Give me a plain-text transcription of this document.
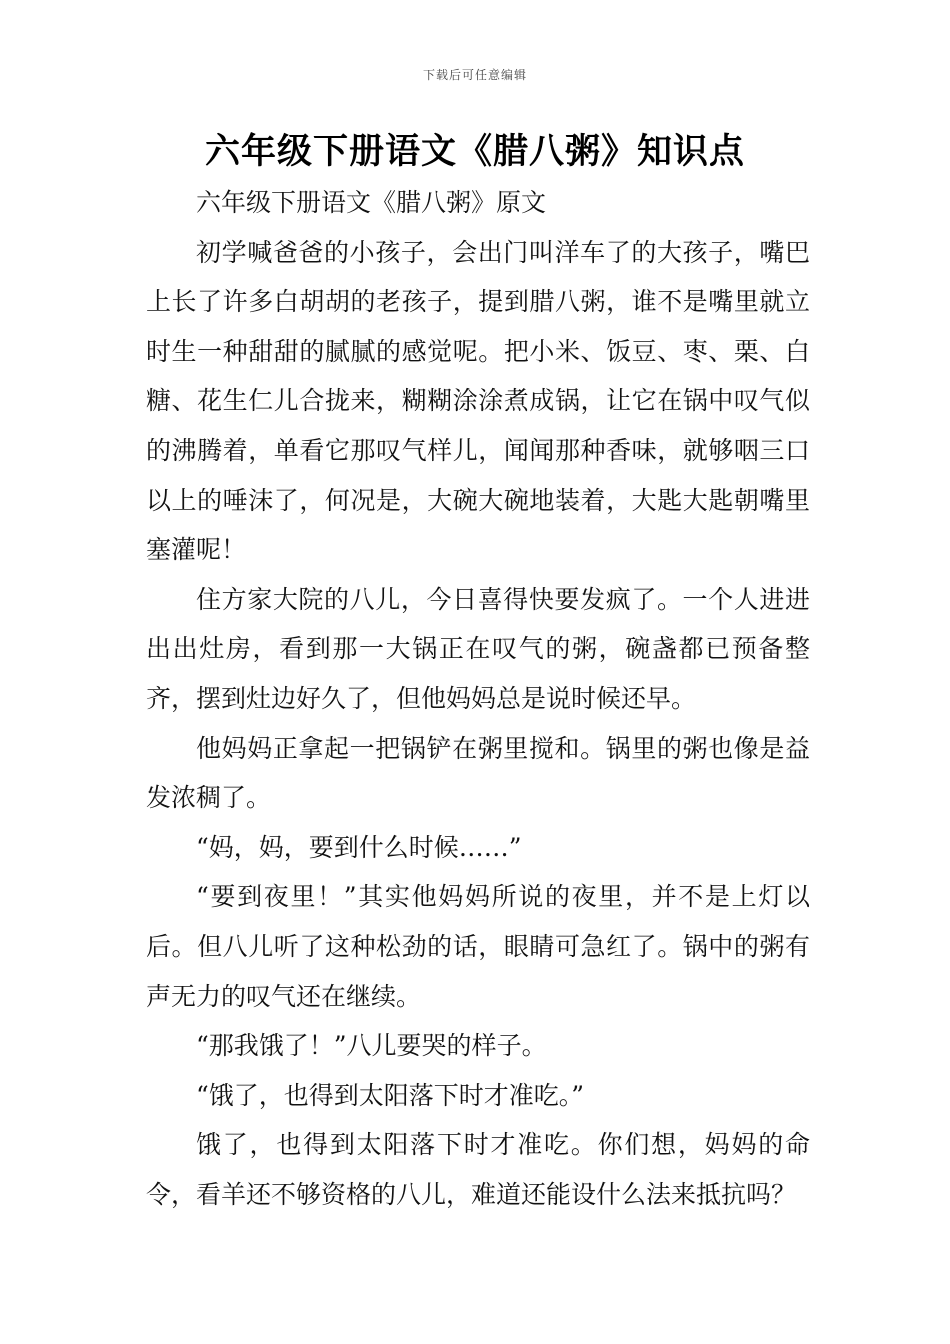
下载后可任意编辑
六年级下册语文《腊八粥》知识点

六年级下册语文《腊八粥》原文

初学喊爸爸的小孩子，会出门叫洋车了的大孩子，嘴巴上长了许多白胡胡的老孩子，提到腊八粥，谁不是嘴里就立时生一种甜甜的腻腻的感觉呢。把小米、饭豆、枣、栗、白糖、花生仁儿合拢来，糊糊涂涂煮成锅，让它在锅中叹气似的沸腾着，单看它那叹气样儿，闻闻那种香味，就够咽三口以上的唾沫了，何况是，大碗大碗地装着，大匙大匙朝嘴里塞灌呢！

住方家大院的八儿，今日喜得快要发疯了。一个人进进出出灶房，看到那一大锅正在叹气的粥，碗盏都已预备整齐，摆到灶边好久了，但他妈妈总是说时候还早。

他妈妈正拿起一把锅铲在粥里搅和。锅里的粥也像是益发浓稠了。

“妈，妈，要到什么时候……”

“要到夜里！”其实他妈妈所说的夜里，并不是上灯以后。但八儿听了这种松劲的话，眼睛可急红了。锅中的粥有声无力的叹气还在继续。

“那我饿了！”八儿要哭的样子。

“饿了，也得到太阳落下时才准吃。”

饿了，也得到太阳落下时才准吃。你们想，妈妈的命令，看羊还不够资格的八儿，难道还能设什么法来抵抗吗？
